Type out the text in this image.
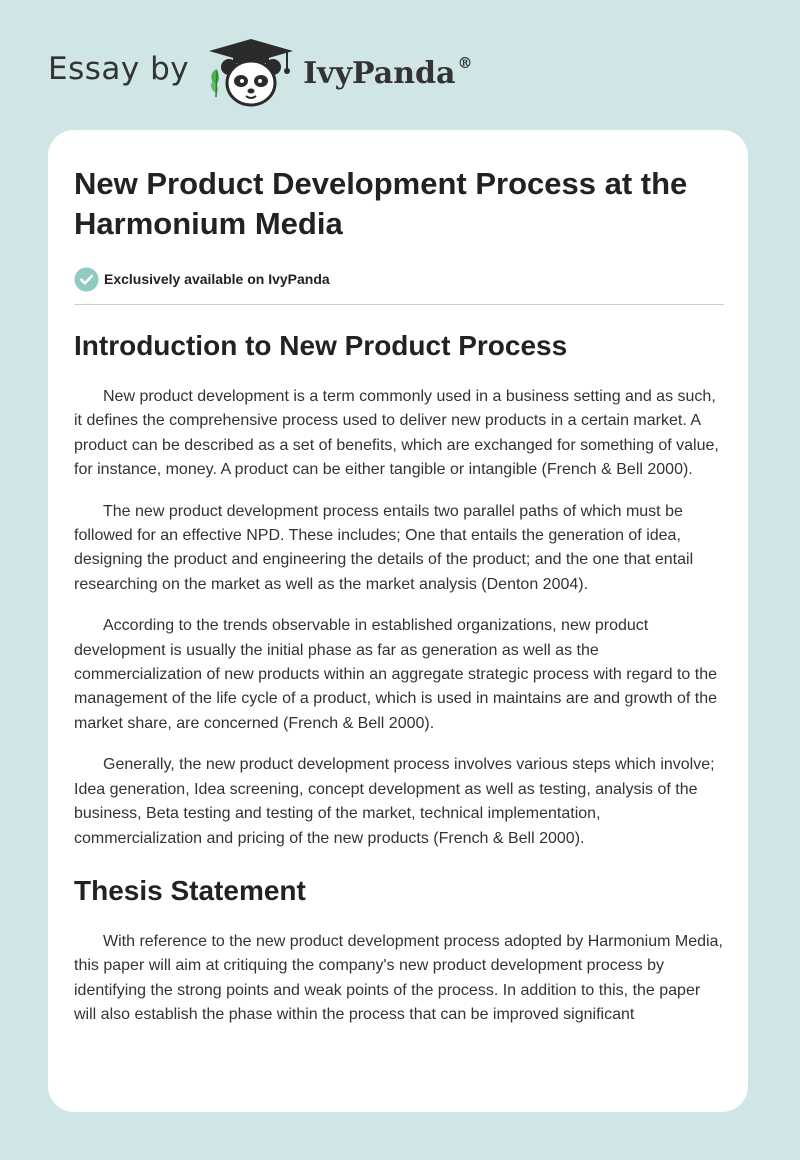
Essay by	IvyPanda ®
New Product Development Process at the Harmonium Media
Exclusively available on IvyPanda
Introduction to New Product Process

New product development is a term commonly used in a business setting and as such, it defines the comprehensive process used to deliver new products in a certain market. A product can be described as a set of benefits, which are exchanged for something of value, for instance, money. A product can be either tangible or intangible (French & Bell 2000).

The new product development process entails two parallel paths of which must be followed for an effective NPD. These includes; One that entails the generation of idea, designing the product and engineering the details of the product; and the one that entail researching on the market as well as the market analysis (Denton 2004).

According to the trends observable in established organizations, new product development is usually the initial phase as far as generation as well as the commercialization of new products within an aggregate strategic process with regard to the management of the life cycle of a product, which is used in maintains are and growth of the market share, are concerned (French & Bell 2000).

Generally, the new product development process involves various steps which involve; Idea generation, Idea screening, concept development as well as testing, analysis of the business, Beta testing and testing of the market, technical implementation, commercialization and pricing of the new products (French & Bell 2000).

Thesis Statement

With reference to the new product development process adopted by Harmonium Media, this paper will aim at critiquing the company's new product development process by identifying the strong points and weak points of the process. In addition to this, the paper will also establish the phase within the process that can be improved significant
